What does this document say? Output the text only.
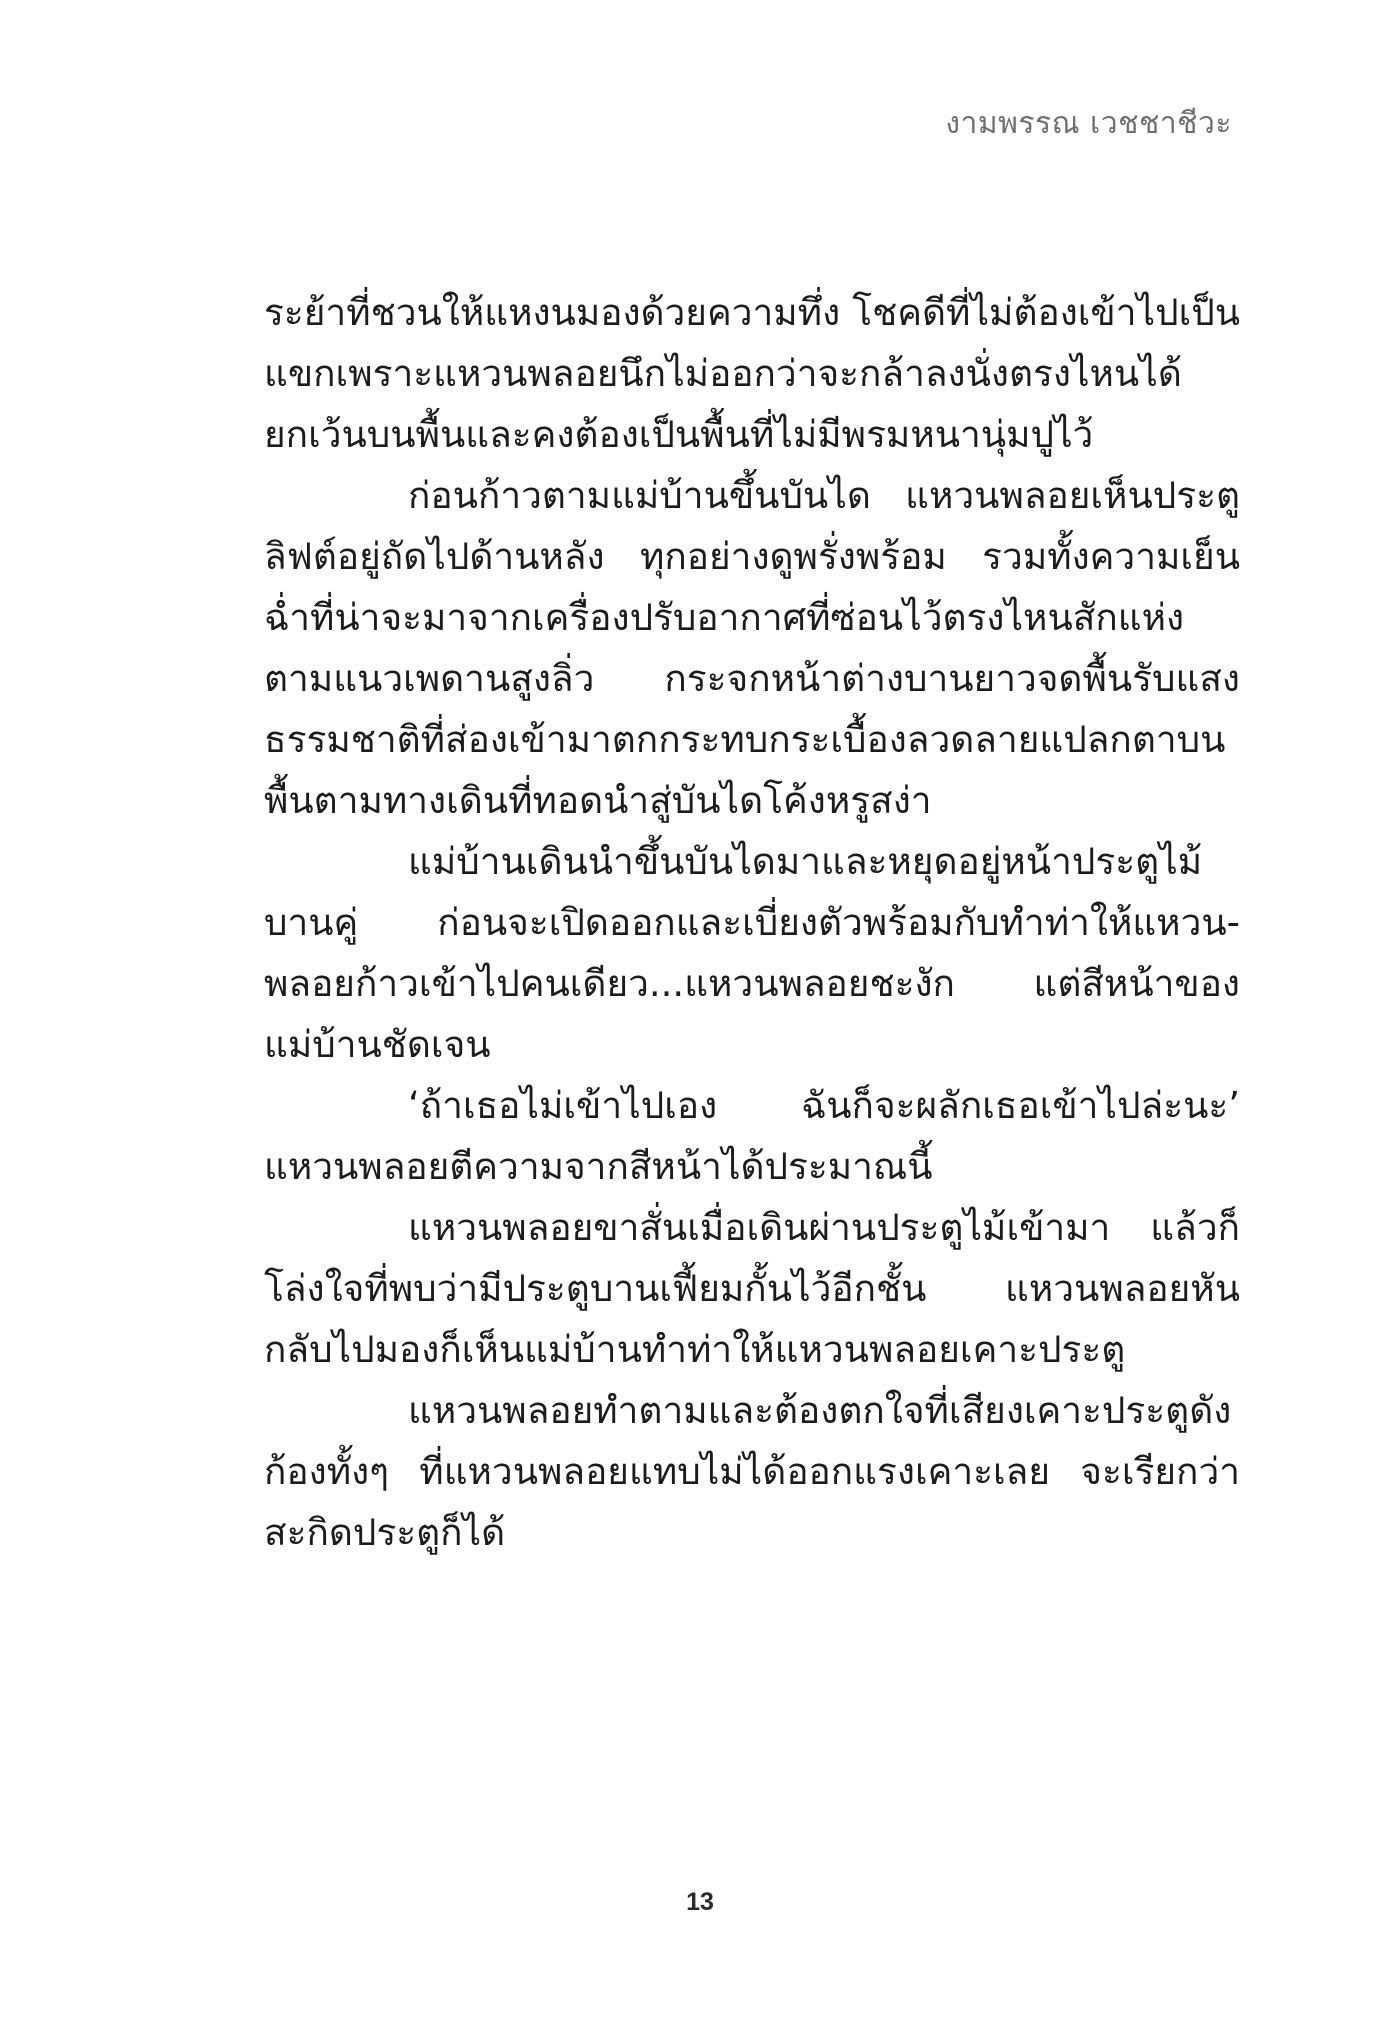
งามพรรณ เวชชาชีวะ
ระย้าที่ชวนให้แหงนมองด้วยความทึ่ง โชคดีที่ไม่ต้องเข้าไปเป็น
แขกเพราะแหวนพลอยนึกไม่ออกว่าจะกล้าลงนั่งตรงไหนได้
ยกเว้นบนพื้นและคงต้องเป็นพื้นที่ไม่มีพรมหนานุ่มปูไว้
ก่อนก้าวตามแม่บ้านขึ้นบันได แหวนพลอยเห็นประตู
ลิฟต์อยู่ถัดไปด้านหลัง ทุกอย่างดูพรั่งพร้อม รวมทั้งความเย็น
ฉ่ำที่น่าจะมาจากเครื่องปรับอากาศที่ซ่อนไว้ตรงไหนสักแห่ง
ตามแนวเพดานสูงลิ่ว กระจกหน้าต่างบานยาวจดพื้นรับแสง
ธรรมชาติที่ส่องเข้ามาตกกระทบกระเบื้องลวดลายแปลกตาบน
พื้นตามทางเดินที่ทอดนำสู่บันไดโค้งหรูสง่า
แม่บ้านเดินนำขึ้นบันไดมาและหยุดอยู่หน้าประตูไม้
บานคู่ ก่อนจะเปิดออกและเบี่ยงตัวพร้อมกับทำท่าให้แหวน-
พลอยก้าวเข้าไปคนเดียว...แหวนพลอยชะงัก แต่สีหน้าของ
แม่บ้านชัดเจน
‘ถ้าเธอไม่เข้าไปเอง ฉันก็จะผลักเธอเข้าไปล่ะนะ’
แหวนพลอยตีความจากสีหน้าได้ประมาณนี้
แหวนพลอยขาสั่นเมื่อเดินผ่านประตูไม้เข้ามา แล้วก็
โล่งใจที่พบว่ามีประตูบานเฟี้ยมกั้นไว้อีกชั้น แหวนพลอยหัน
กลับไปมองก็เห็นแม่บ้านทำท่าให้แหวนพลอยเคาะประตู
แหวนพลอยทำตามและต้องตกใจที่เสียงเคาะประตูดัง
ก้องทั้งๆ ที่แหวนพลอยแทบไม่ได้ออกแรงเคาะเลย จะเรียกว่า
สะกิดประตูก็ได้
13
